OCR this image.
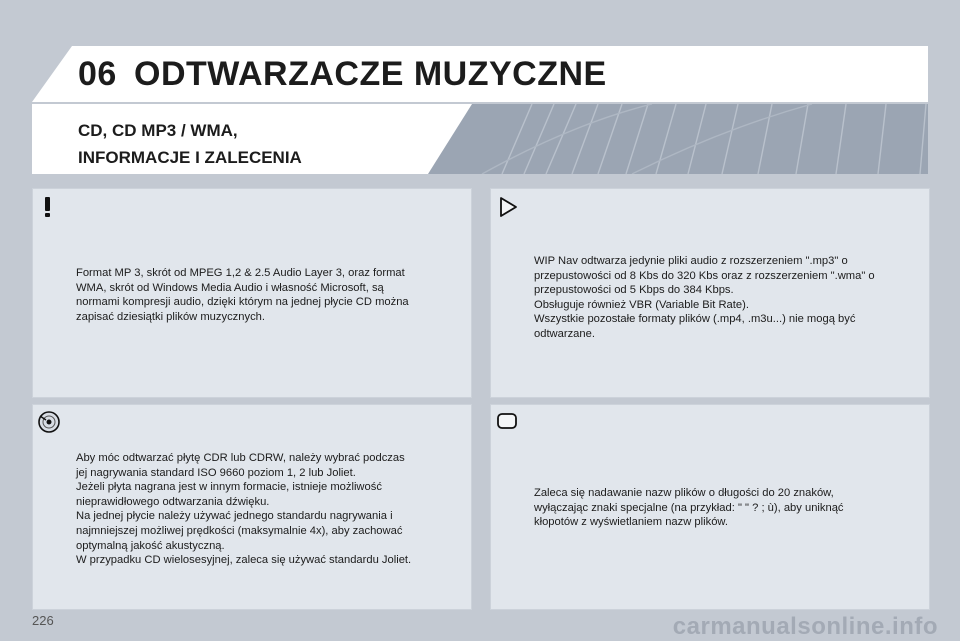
06 ODTWARZACZE MUZYCZNE
CD, CD MP3 / WMA,
INFORMACJE I ZALECENIA
Format MP 3, skrót od MPEG 1,2 & 2.5 Audio Layer 3, oraz format
WMA, skrót od Windows Media Audio i własność Microsoft, są
normami kompresji audio, dzięki którym na jednej płycie CD można
zapisać dziesiątki plików muzycznych.
WIP Nav odtwarza jedynie pliki audio z rozszerzeniem ".mp3" o
przepustowości od 8 Kbs do 320 Kbs oraz z rozszerzeniem ".wma" o
przepustowości od 5 Kbps do 384 Kbps.
Obsługuje również VBR (Variable Bit Rate).
Wszystkie pozostałe formaty plików (.mp4, .m3u...) nie mogą być
odtwarzane.
Aby móc odtwarzać płytę CDR lub CDRW, należy wybrać podczas
jej nagrywania standard ISO 9660 poziom 1, 2 lub Joliet.
Jeżeli płyta nagrana jest w innym formacie, istnieje możliwość
nieprawidłowego odtwarzania dźwięku.
Na jednej płycie należy używać jednego standardu nagrywania i
najmniejszej możliwej prędkości (maksymalnie 4x), aby zachować
optymalną jakość akustyczną.
W przypadku CD wielosesyjnej, zaleca się używać standardu Joliet.
Zaleca się nadawanie nazw plików o długości do 20 znaków,
wyłączając znaki specjalne (na przykład: " " ? ; ù), aby uniknąć
kłopotów z wyświetlaniem nazw plików.
226	carmanualsonline.info
